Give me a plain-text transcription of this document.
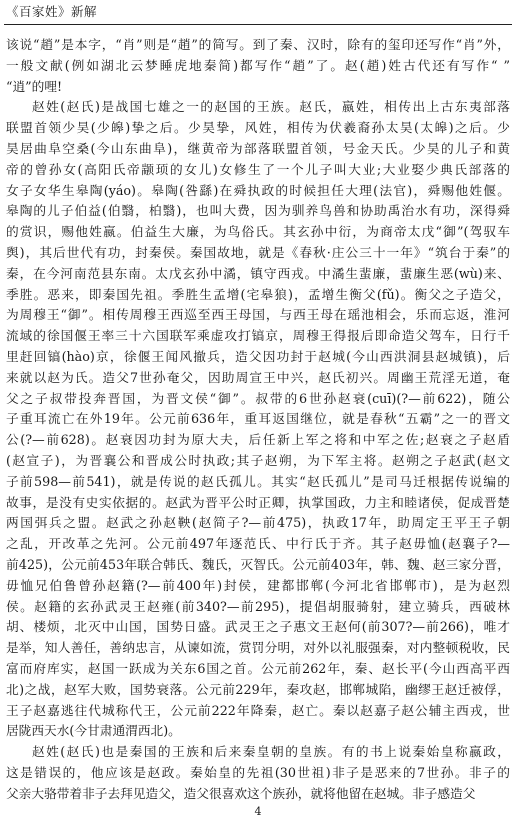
《百家姓》新解
该说“趙”是本字，“肖”则是“趙”的简写。到了秦、汉时，除有的玺印还写作“肖”外，
一般文献(例如湖北云梦睡虎地秦简)都写作“趙”了。赵(趙)姓古代还有写作“ ”
“逍”的哩!
赵姓(赵氏)是战国七雄之一的赵国的王族。赵氏，嬴姓，相传出上古东夷部落
联盟首领少昊(少皞)挚之后。少昊挚，风姓，相传为伏羲裔孙太昊(太皞)之后。少
昊居曲阜空桑(今山东曲阜)，继黄帝为部落联盟首领，号金天氏。少昊的儿子和黄
帝的曾孙女(高阳氏帝颛顼的女儿)女修生了一个儿子叫大业;大业娶少典氏部落的
女子女华生皋陶(yáo)。皋陶(咎繇)在舜执政的时候担任大理(法官)，舜赐他姓偃。
皋陶的儿子伯益(伯翳，柏翳)，也叫大费，因为驯养鸟兽和协助禹治水有功，深得舜
的赏识，赐他姓嬴。伯益生大廉，为鸟俗氏。其玄孙中衍，为商帝太戊“御”(驾驭车
舆)，其后世代有功，封秦侯。秦国故地，就是《春秋·庄公三十一年》“筑台于秦”的
秦，在今河南范县东南。太戊玄孙中潏，镇守西戎。中潏生蜚廉，蜚廉生恶(wù)来、
季胜。恶来，即秦国先祖。季胜生孟增(宅皋狼)，孟增生衡父(fǔ)。衡父之子造父，
为周穆王“御”。相传周穆王西巡至西王母国，与西王母在瑶池相会，乐而忘返，淮河
流域的徐国偃王率三十六国联军乘虚攻打镐京，周穆王得报后即命造父驾车，日行千
里赶回镐(hào)京，徐偃王闻风撤兵，造父因功封于赵城(今山西洪洞县赵城镇)，后
来就以赵为氏。造父7世孙奄父，因助周宣王中兴，赵氏初兴。周幽王荒淫无道，奄
父之子叔带投奔晋国，为晋文侯“御”。叔带的6世孙赵衰(cuī)(?—前622)，随公
子重耳流亡在外19年。公元前636年，重耳返国继位，就是春秋“五霸”之一的晋文
公(?—前628)。赵衰因功封为原大夫，后任新上军之将和中军之佐;赵衰之子赵盾
(赵宣子)，为晋襄公和晋成公时执政;其子赵朔，为下军主将。赵朔之子赵武(赵文
子前598—前541)，就是传说的赵氏孤儿。其实“赵氏孤儿”是司马迁根据传说编的
故事，是没有史实依据的。赵武为晋平公时正卿，执掌国政，力主和睦诸侯，促成晋楚
两国弭兵之盟。赵武之孙赵鞅(赵简子?—前475)，执政17年，助周定王平王子朝
之乱，开改革之先河。公元前497年逐范氏、中行氏于齐。其子赵毋恤(赵襄子?—
前425)，公元前453年联合韩氏、魏氏，灭智氏。公元前403年，韩、魏、赵三家分晋，
毋恤兄伯鲁曾孙赵籍(?—前400年)封侯，建都邯郸(今河北省邯郸市)，是为赵烈
侯。赵籍的玄孙武灵王赵雍(前340?—前295)，提倡胡服骑射，建立骑兵，西破林
胡、楼烦，北灭中山国，国势日盛。武灵王之子惠文王赵何(前307?—前266)，唯才
是举，知人善任，善纳忠言，从谏如流，赏罚分明，对外以礼服强秦，对内整顿税收，民
富而府库实，赵国一跃成为关东6国之首。公元前262年，秦、赵长平(今山西高平西
北)之战，赵军大败，国势衰落。公元前229年，秦攻赵，邯郸城陷，幽缪王赵迁被俘，
王子赵嘉逃往代城称代王，公元前222年降秦，赵亡。秦以赵嘉子赵公辅主西戎，世
居陇西天水(今甘肃通渭西北)。
赵姓(赵氏)也是秦国的王族和后来秦皇朝的皇族。有的书上说秦始皇称嬴政，
这是错误的，他应该是赵政。秦始皇的先祖(30世祖)非子是恶来的7世孙。非子的
父亲大骆带着非子去拜见造父，造父很喜欢这个族孙，就将他留在赵城。非子感造父
4
